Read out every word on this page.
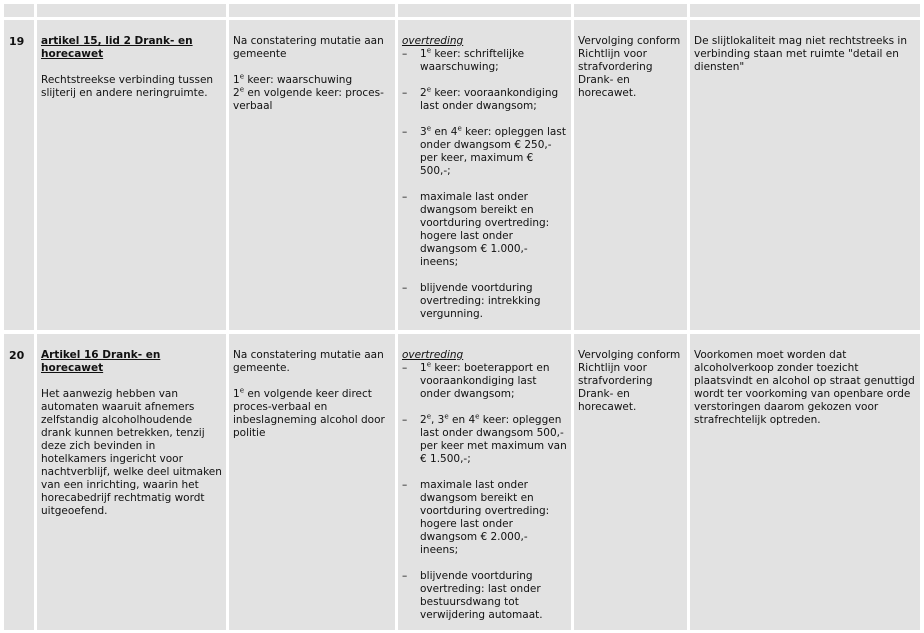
19	artikel 15, lid 2 Drank- en horecawet

Rechtstreekse verbinding tussen slijterij en andere neringruimte.

Na constatering mutatie aan gemeente

1e keer: waarschuwing

2e en volgende keer: proces-verbaal

overtreding

– 1e keer: schriftelijke waarschuwing;
– 2e keer: vooraankondiging last onder dwangsom;
– 3e en 4e keer: opleggen last onder dwangsom € 250,- per keer, maximum € 500,-;
– maximale last onder dwangsom bereikt en voortduring overtreding: hogere last onder dwangsom € 1.000,- ineens;
– blijvende voortduring overtreding: intrekking vergunning.

Vervolging conform Richtlijn voor strafvordering Drank- en horecawet.

De slijtlokaliteit mag niet rechtstreeks in verbinding staan met ruimte "detail en diensten"

20	Artikel 16 Drank- en horecawet

Het aanwezig hebben van automaten waaruit afnemers zelfstandig alcoholhoudende drank kunnen betrekken, tenzij deze zich bevinden in hotelkamers ingericht voor nachtverblijf, welke deel uitmaken van een inrichting, waarin het horecabedrijf rechtmatig wordt uitgeoefend.

Na constatering mutatie aan gemeente.

1e en volgende keer direct proces-verbaal en inbeslagneming alcohol door politie

overtreding

– 1e keer: boeterapport en vooraankondiging last onder dwangsom;
– 2e, 3e en 4e keer: opleggen last onder dwangsom 500,- per keer met maximum van € 1.500,-;
– maximale last onder dwangsom bereikt en voortduring overtreding: hogere last onder dwangsom € 2.000,- ineens;
– blijvende voortduring overtreding: last onder bestuursdwang tot verwijdering automaat.

Vervolging conform Richtlijn voor strafvordering Drank- en horecawet.

Voorkomen moet worden dat alcoholverkoop zonder toezicht plaatsvindt en alcohol op straat genuttigd wordt ter voorkoming van openbare orde verstoringen daarom gekozen voor strafrechtelijk optreden.
